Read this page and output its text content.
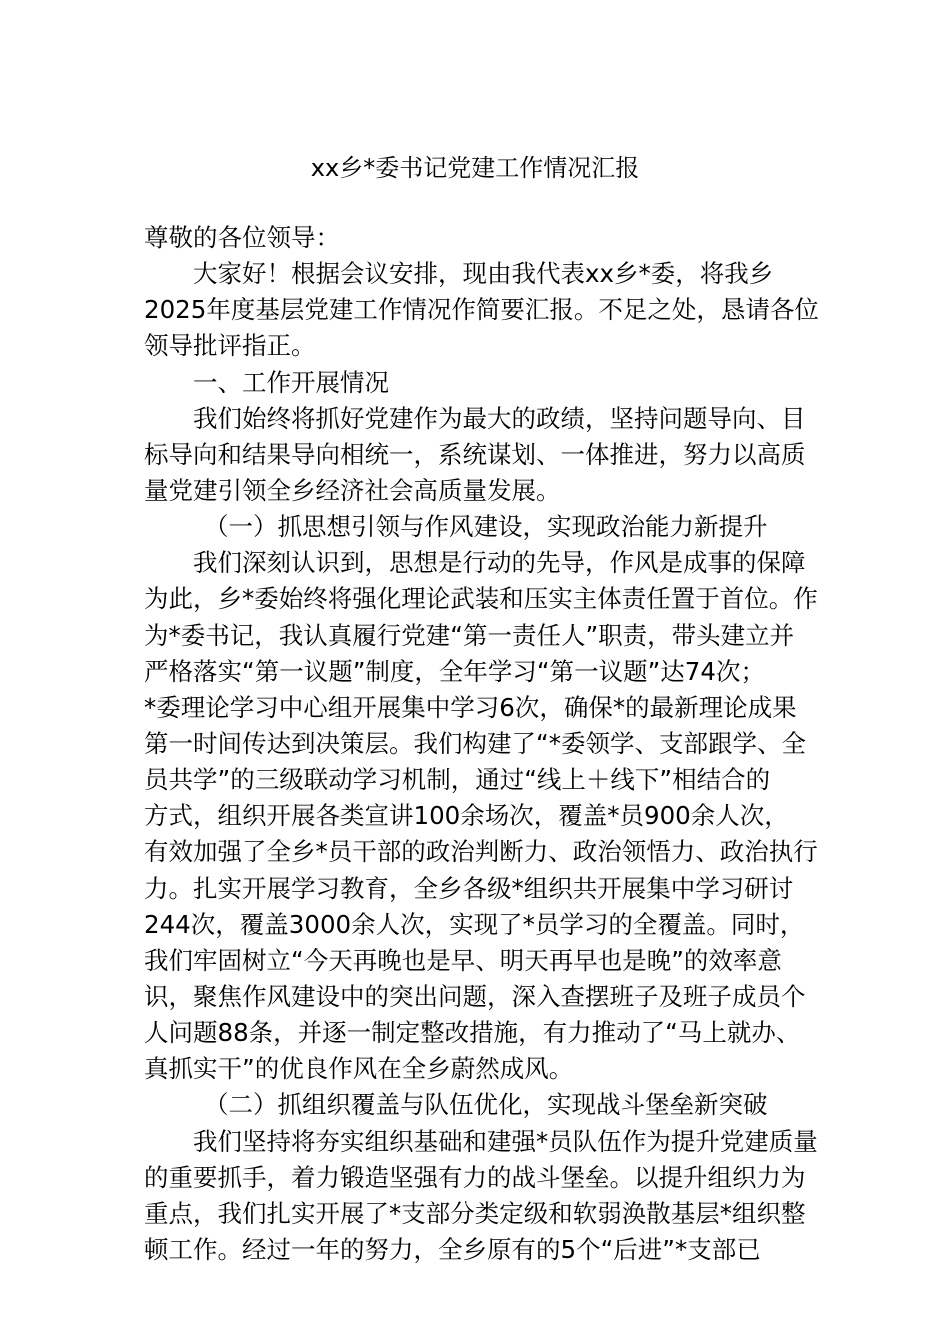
xx乡*委书记党建工作情况汇报
尊敬的各位领导：
大家好！根据会议安排，现由我代表xx乡*委，将我乡
2025年度基层党建工作情况作简要汇报。不足之处，恳请各位
领导批评指正。
一、工作开展情况
我们始终将抓好党建作为最大的政绩，坚持问题导向、目
标导向和结果导向相统一，系统谋划、一体推进，努力以高质
量党建引领全乡经济社会高质量发展。
（一）抓思想引领与作风建设，实现政治能力新提升
我们深刻认识到，思想是行动的先导，作风是成事的保障
为此，乡*委始终将强化理论武装和压实主体责任置于首位。作
为*委书记，我认真履行党建“第一责任人”职责，带头建立并
严格落实“第一议题”制度，全年学习“第一议题”达74次；
*委理论学习中心组开展集中学习6次，确保*的最新理论成果
第一时间传达到决策层。我们构建了“*委领学、支部跟学、全
员共学”的三级联动学习机制，通过“线上＋线下”相结合的
方式，组织开展各类宣讲100余场次，覆盖*员900余人次，
有效加强了全乡*员干部的政治判断力、政治领悟力、政治执行
力。扎实开展学习教育，全乡各级*组织共开展集中学习研讨
244次，覆盖3000余人次，实现了*员学习的全覆盖。同时，
我们牢固树立“今天再晚也是早、明天再早也是晚”的效率意
识，聚焦作风建设中的突出问题，深入查摆班子及班子成员个
人问题88条，并逐一制定整改措施，有力推动了“马上就办、
真抓实干”的优良作风在全乡蔚然成风。
（二）抓组织覆盖与队伍优化，实现战斗堡垒新突破
我们坚持将夯实组织基础和建强*员队伍作为提升党建质量
的重要抓手，着力锻造坚强有力的战斗堡垒。以提升组织力为
重点，我们扎实开展了*支部分类定级和软弱涣散基层*组织整
顿工作。经过一年的努力，全乡原有的5个“后进”*支部已
